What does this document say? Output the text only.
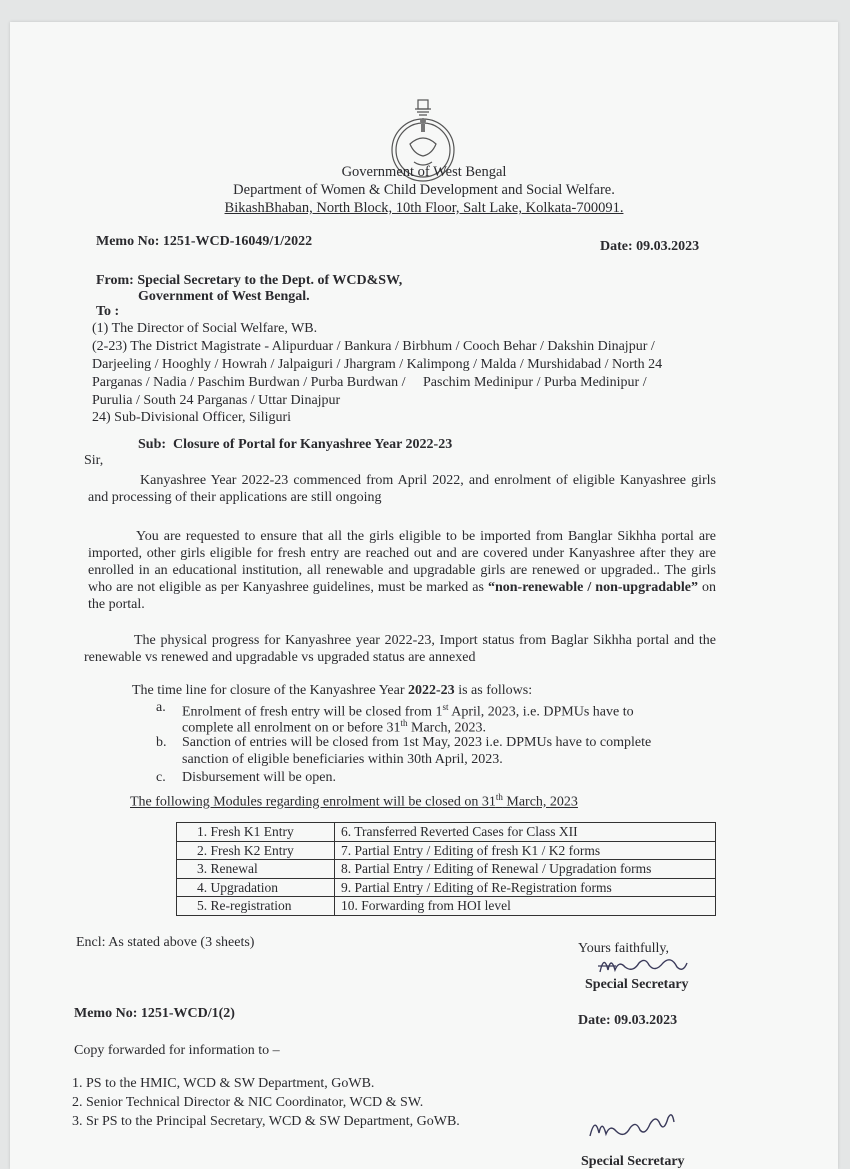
Government of West Bengal
Department of Women & Child Development and Social Welfare.
BikashBhaban, North Block, 10th Floor, Salt Lake, Kolkata-700091.
Memo No: 1251-WCD-16049/1/2022	Date: 09.03.2023
From: Special Secretary to the Dept. of WCD&SW,
Government of West Bengal.
To :
(1) The Director of Social Welfare, WB.
(2-23) The District Magistrate - Alipurduar / Bankura / Birbhum / Cooch Behar / Dakshin Dinajpur /
Darjeeling / Hooghly / Howrah / Jalpaiguri / Jhargram / Kalimpong / Malda / Murshidabad / North 24
Parganas / Nadia / Paschim Burdwan / Purba Burdwan /     Paschim Medinipur / Purba Medinipur /
Purulia / South 24 Parganas / Uttar Dinajpur
24) Sub-Divisional Officer, Siliguri
Sub:  Closure of Portal for Kanyashree Year 2022-23
Sir,
Kanyashree Year 2022-23 commenced from April 2022, and enrolment of eligible Kanyashree girls and processing of their applications are still ongoing
You are requested to ensure that all the girls eligible to be imported from Banglar Sikhha portal are imported, other girls eligible for fresh entry are reached out and are covered under Kanyashree after they are enrolled in an educational institution, all renewable and upgradable girls are renewed or upgraded.. The girls who are not eligible as per Kanyashree guidelines, must be marked as “non-renewable / non-upgradable” on the portal.
The physical progress for Kanyashree year 2022-23, Import status from Baglar Sikhha portal and the renewable vs renewed and upgradable vs upgraded status are annexed
The time line for closure of the Kanyashree Year 2022-23 is as follows:
a. Enrolment of fresh entry will be closed from 1st April, 2023, i.e. DPMUs have to
complete all enrolment on or before 31th March, 2023.
b. Sanction of entries will be closed from 1st May, 2023 i.e. DPMUs have to complete
sanction of eligible beneficiaries within 30th April, 2023.
c. Disbursement will be open.
The following Modules regarding enrolment will be closed on 31th March, 2023
1. Fresh K1 Entry	6. Transferred Reverted Cases for Class XII
2. Fresh K2 Entry	7. Partial Entry / Editing of fresh K1 / K2 forms
3. Renewal	8. Partial Entry / Editing of Renewal / Upgradation forms
4. Upgradation	9. Partial Entry / Editing of Re-Registration forms
5. Re-registration	10. Forwarding from HOI level
Encl: As stated above (3 sheets)	Yours faithfully,
Special Secretary
Memo No: 1251-WCD/1(2)	Date: 09.03.2023
Copy forwarded for information to –
1. PS to the HMIC, WCD & SW Department, GoWB.
2. Senior Technical Director & NIC Coordinator, WCD & SW.
3. Sr PS to the Principal Secretary, WCD & SW Department, GoWB.
Special Secretary
